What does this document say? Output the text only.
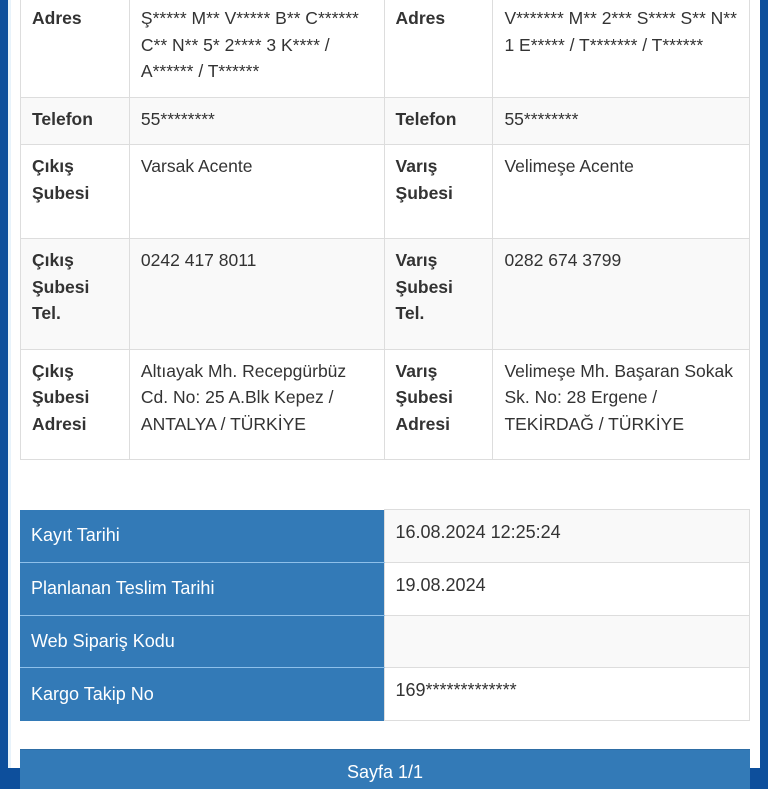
Adres	Ş***** M** V***** B** C****** C** N** 5* 2**** 3 K**** / A****** / T******	Adres	V******* M** 2*** S**** S** N** 1 E***** / T******* / T******
Telefon	55********	Telefon	55********
Çıkış Şubesi	Varsak Acente	Varış Şubesi	Velimeşe Acente
Çıkış Şubesi Tel.	0242 417 8011	Varış Şubesi Tel.	0282 674 3799
Çıkış Şubesi Adresi	Altıayak Mh. Recepgürbüz Cd. No: 25 A.Blk Kepez / ANTALYA / TÜRKİYE	Varış Şubesi Adresi	Velimeşe Mh. Başaran Sokak Sk. No: 28 Ergene / TEKİRDAĞ / TÜRKİYE
Kayıt Tarihi	16.08.2024 12:25:24
Planlanan Teslim Tarihi	19.08.2024
Web Sipariş Kodu	
Kargo Takip No	169*************
Sayfa 1/1
